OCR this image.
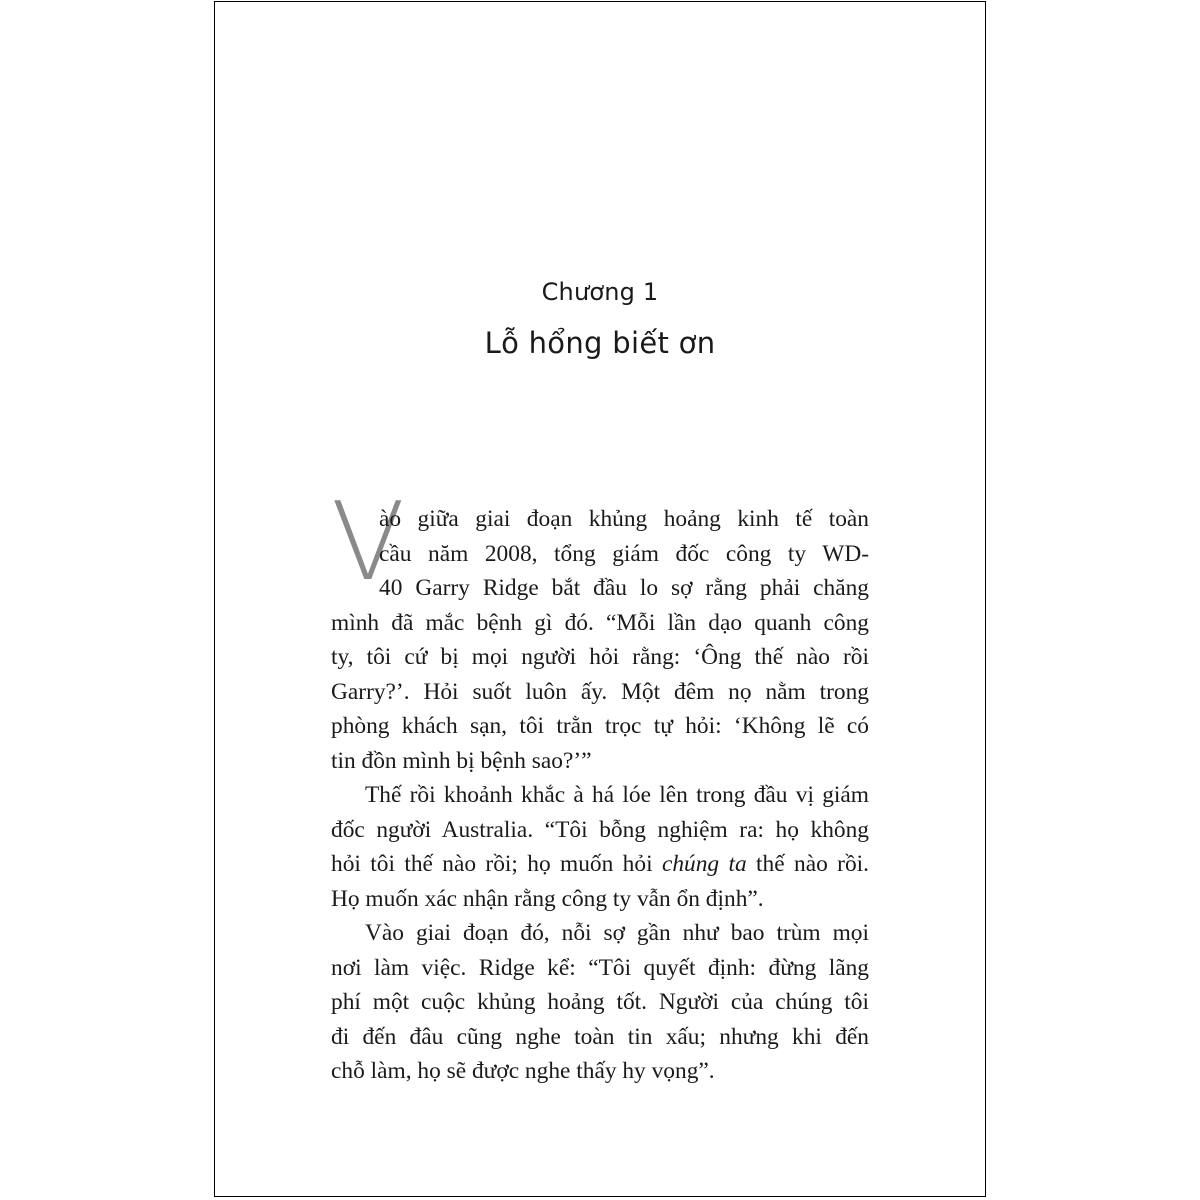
Chương 1
Lỗ hổng biết ơn
V
ào giữa giai đoạn khủng hoảng kinh tế toàn
cầu năm 2008, tổng giám đốc công ty WD-
40 Garry Ridge bắt đầu lo sợ rằng phải chăng
mình đã mắc bệnh gì đó. “Mỗi lần dạo quanh công
ty, tôi cứ bị mọi người hỏi rằng: ‘Ông thế nào rồi
Garry?’. Hỏi suốt luôn ấy. Một đêm nọ nằm trong
phòng khách sạn, tôi trằn trọc tự hỏi: ‘Không lẽ có
tin đồn mình bị bệnh sao?’”
Thế rồi khoảnh khắc à há lóe lên trong đầu vị giám
đốc người Australia. “Tôi bỗng nghiệm ra: họ không
hỏi tôi thế nào rồi; họ muốn hỏi chúng ta thế nào rồi.
Họ muốn xác nhận rằng công ty vẫn ổn định”.
Vào giai đoạn đó, nỗi sợ gần như bao trùm mọi
nơi làm việc. Ridge kể: “Tôi quyết định: đừng lãng
phí một cuộc khủng hoảng tốt. Người của chúng tôi
đi đến đâu cũng nghe toàn tin xấu; nhưng khi đến
chỗ làm, họ sẽ được nghe thấy hy vọng”.
